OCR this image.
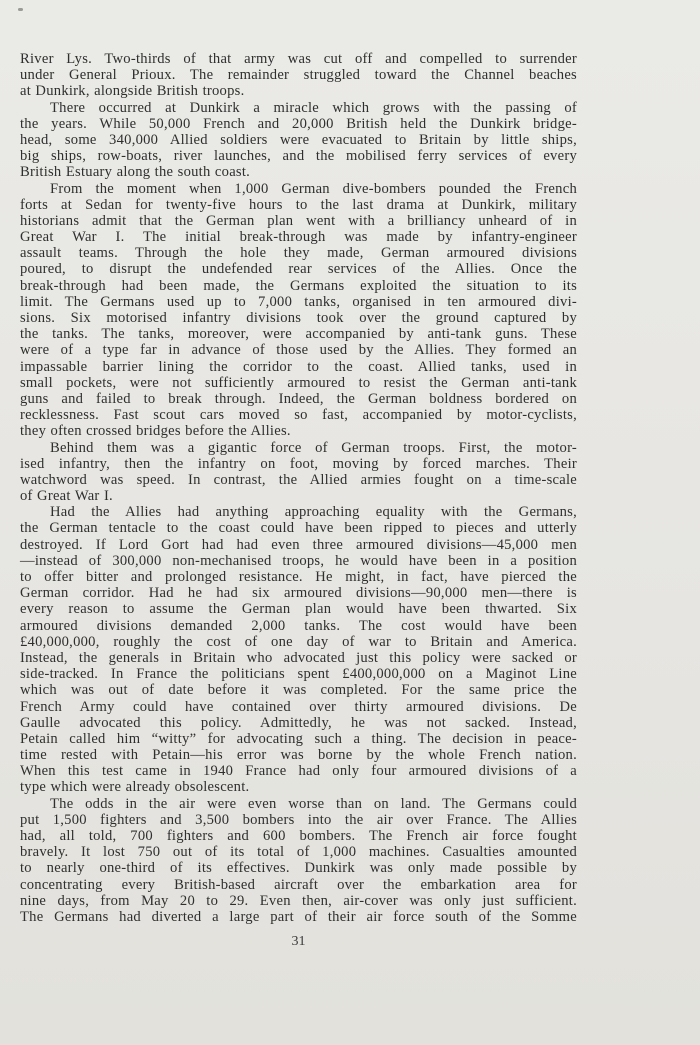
River Lys. Two-thirds of that army was cut off and compelled to surrender
under General Prioux. The remainder struggled toward the Channel beaches
at Dunkirk, alongside British troops.
There occurred at Dunkirk a miracle which grows with the passing of
the years. While 50,000 French and 20,000 British held the Dunkirk bridge-
head, some 340,000 Allied soldiers were evacuated to Britain by little ships,
big ships, row-boats, river launches, and the mobilised ferry services of every
British Estuary along the south coast.
From the moment when 1,000 German dive-bombers pounded the French
forts at Sedan for twenty-five hours to the last drama at Dunkirk, military
historians admit that the German plan went with a brilliancy unheard of in
Great War I. The initial break-through was made by infantry-engineer
assault teams. Through the hole they made, German armoured divisions
poured, to disrupt the undefended rear services of the Allies. Once the
break-through had been made, the Germans exploited the situation to its
limit. The Germans used up to 7,000 tanks, organised in ten armoured divi-
sions. Six motorised infantry divisions took over the ground captured by
the tanks. The tanks, moreover, were accompanied by anti-tank guns. These
were of a type far in advance of those used by the Allies. They formed an
impassable barrier lining the corridor to the coast. Allied tanks, used in
small pockets, were not sufficiently armoured to resist the German anti-tank
guns and failed to break through. Indeed, the German boldness bordered on
recklessness. Fast scout cars moved so fast, accompanied by motor-cyclists,
they often crossed bridges before the Allies.
Behind them was a gigantic force of German troops. First, the motor-
ised infantry, then the infantry on foot, moving by forced marches. Their
watchword was speed. In contrast, the Allied armies fought on a time-scale
of Great War I.
Had the Allies had anything approaching equality with the Germans,
the German tentacle to the coast could have been ripped to pieces and utterly
destroyed. If Lord Gort had had even three armoured divisions—45,000 men
—instead of 300,000 non-mechanised troops, he would have been in a position
to offer bitter and prolonged resistance. He might, in fact, have pierced the
German corridor. Had he had six armoured divisions—90,000 men—there is
every reason to assume the German plan would have been thwarted. Six
armoured divisions demanded 2,000 tanks. The cost would have been
£40,000,000, roughly the cost of one day of war to Britain and America.
Instead, the generals in Britain who advocated just this policy were sacked or
side-tracked. In France the politicians spent £400,000,000 on a Maginot Line
which was out of date before it was completed. For the same price the
French Army could have contained over thirty armoured divisions. De
Gaulle advocated this policy. Admittedly, he was not sacked. Instead,
Petain called him “witty” for advocating such a thing. The decision in peace-
time rested with Petain—his error was borne by the whole French nation.
When this test came in 1940 France had only four armoured divisions of a
type which were already obsolescent.
The odds in the air were even worse than on land. The Germans could
put 1,500 fighters and 3,500 bombers into the air over France. The Allies
had, all told, 700 fighters and 600 bombers. The French air force fought
bravely. It lost 750 out of its total of 1,000 machines. Casualties amounted
to nearly one-third of its effectives. Dunkirk was only made possible by
concentrating every British-based aircraft over the embarkation area for
nine days, from May 20 to 29. Even then, air-cover was only just sufficient.
The Germans had diverted a large part of their air force south of the Somme
31
